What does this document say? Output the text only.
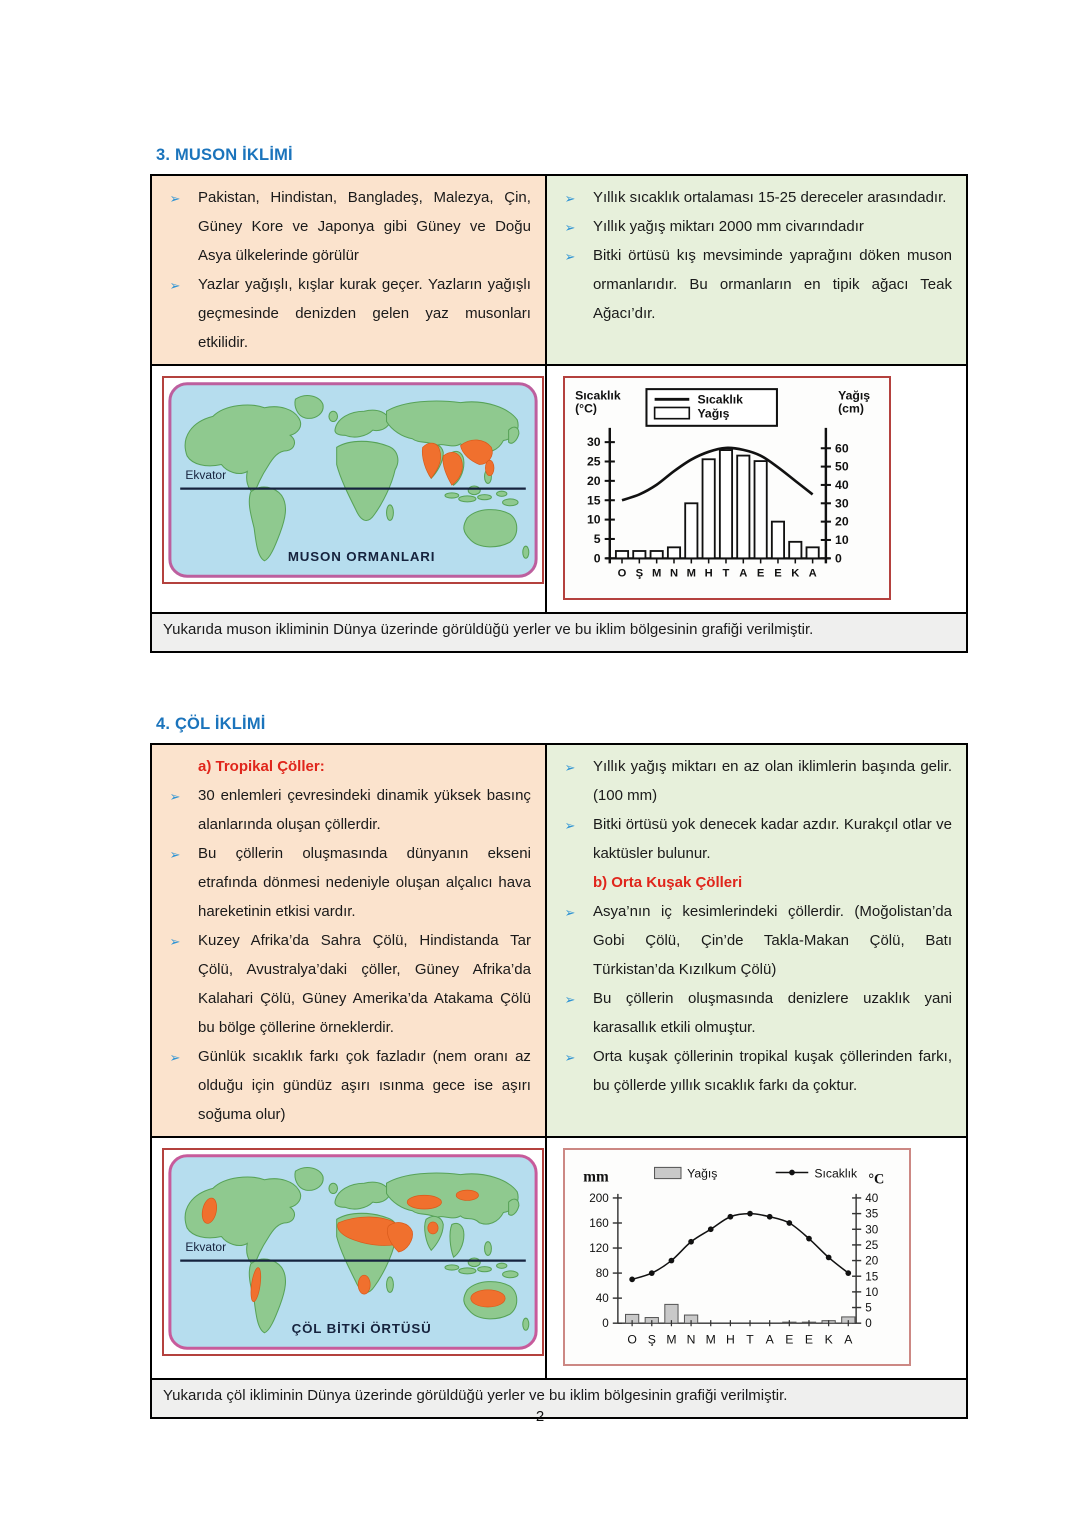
3. MUSON İKLİMİ
➢	Pakistan, Hindistan, Bangladeş, Malezya, Çin, Güney Kore ve Japonya gibi Güney ve Doğu Asya ülkelerinde görülür
➢	Yazlar yağışlı, kışlar kurak geçer. Yazların yağışlı geçmesinde denizden gelen yaz musonları etkilidir.

➢	Yıllık sıcaklık ortalaması 15-25 dereceler arasındadır.
➢	Yıllık yağış miktarı 2000 mm civarındadır
➢	Bitki örtüsü kış mevsiminde yaprağını döken muson ormanlarıdır. Bu ormanların en tipik ağacı Teak Ağacı’dır.

Ekvator
MUSON ORMANLARI	0
5
10
15
20
25
30
0
10
20
30
40
50
60
O Ş M N M H T A E E K A
Sıcaklık
Yağış
Sıcaklık
(°C)
Yağış
(cm)

Yukarıda muson ikliminin Dünya üzerinde görüldüğü yerler ve bu iklim bölgesinin grafiği verilmiştir.	
4. ÇÖL İKLİMİ
a) Tropikal Çöller:
➢	30 enlemleri çevresindeki dinamik yüksek basınç alanlarında oluşan çöllerdir.
➢	Bu çöllerin oluşmasında dünyanın ekseni etrafında dönmesi nedeniyle oluşan alçalıcı hava hareketinin etkisi vardır.
➢	Kuzey Afrika’da Sahra Çölü, Hindistanda Tar Çölü, Avustralya’daki çöller, Güney Afrika’da Kalahari Çölü, Güney Amerika’da Atakama Çölü bu bölge çöllerine örneklerdir.
➢	Günlük sıcaklık farkı çok fazladır (nem oranı az olduğu için gündüz aşırı ısınma gece ise aşırı soğuma olur)

➢	Yıllık yağış miktarı en az olan iklimlerin başında gelir. (100 mm)
➢	Bitki örtüsü yok denecek kadar azdır. Kurakçıl otlar ve kaktüsler bulunur.
b) Orta Kuşak Çölleri
➢	Asya’nın iç kesimlerindeki çöllerdir. (Moğolistan’da Gobi Çölü, Çin’de Takla-Makan Çölü, Batı Türkistan’da Kızılkum Çölü)
➢	Bu çöllerin oluşmasında denizlere uzaklık yani karasallık etkili olmuştur.
➢	Orta kuşak çöllerinin tropikal kuşak çöllerinden farkı, bu çöllerde yıllık sıcaklık farkı da çoktur.

Ekvator
ÇÖL BİTKİ ÖRTÜSÜ	0
40
80
120
160
200
0
5
10
15
20
25
30
35
40
O Ş M N M H T A E E K A
Yağış	Sıcaklık
mm	°C

Yukarıda çöl ikliminin Dünya üzerinde görüldüğü yerler ve bu iklim bölgesinin grafiği verilmiştir.	
2
